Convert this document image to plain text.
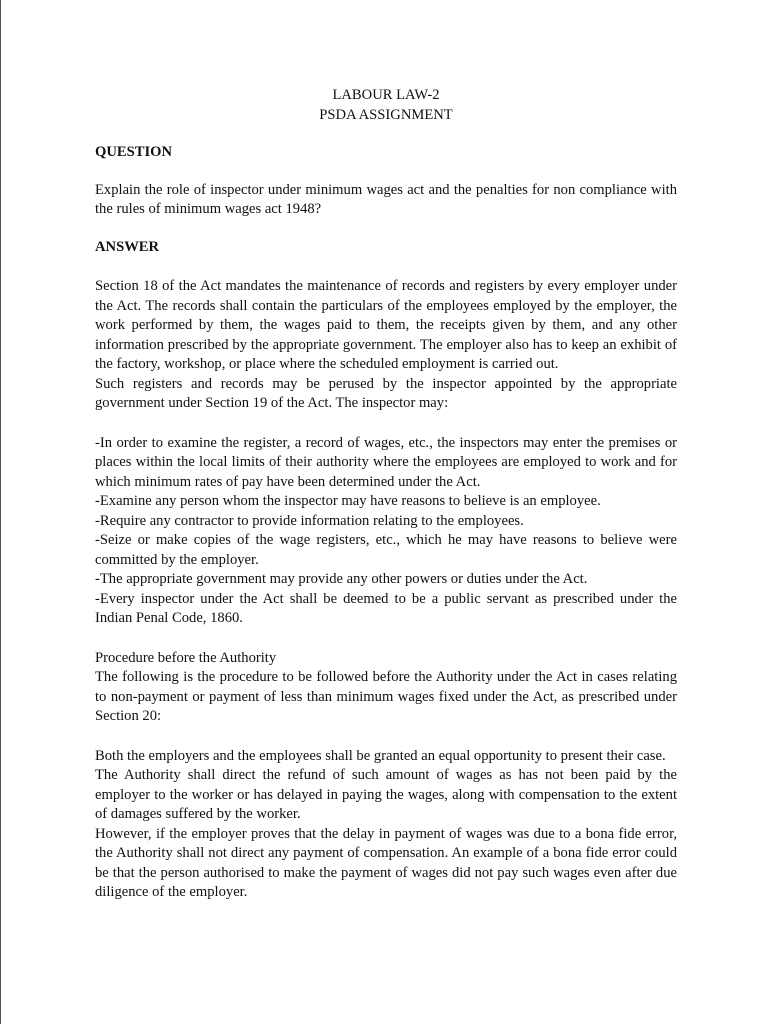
LABOUR LAW-2

PSDA ASSIGNMENT

QUESTION

Explain the role of inspector under minimum wages act and the penalties for non compliance with the rules of minimum wages act 1948?

ANSWER

Section 18 of the Act mandates the maintenance of records and registers by every employer under the Act. The records shall contain the particulars of the employees employed by the employer, the work performed by them, the wages paid to them, the receipts given by them, and any other information prescribed by the appropriate government. The employer also has to keep an exhibit of the factory, workshop, or place where the scheduled employment is carried out.

Such registers and records may be perused by the inspector appointed by the appropriate government under Section 19 of the Act. The inspector may:

-In order to examine the register, a record of wages, etc., the inspectors may enter the premises or places within the local limits of their authority where the employees are employed to work and for which minimum rates of pay have been determined under the Act.

-Examine any person whom the inspector may have reasons to believe is an employee.

-Require any contractor to provide information relating to the employees.

-Seize or make copies of the wage registers, etc., which he may have reasons to believe were committed by the employer.

-The appropriate government may provide any other powers or duties under the Act.

-Every inspector under the Act shall be deemed to be a public servant as prescribed under the Indian Penal Code, 1860.

Procedure before the Authority

The following is the procedure to be followed before the Authority under the Act in cases relating to non-payment or payment of less than minimum wages fixed under the Act, as prescribed under Section 20:

Both the employers and the employees shall be granted an equal opportunity to present their case.

The Authority shall direct the refund of such amount of wages as has not been paid by the employer to the worker or has delayed in paying the wages, along with compensation to the extent of damages suffered by the worker.

However, if the employer proves that the delay in payment of wages was due to a bona fide error, the Authority shall not direct any payment of compensation. An example of a bona fide error could be that the person authorised to make the payment of wages did not pay such wages even after due diligence of the employer.
